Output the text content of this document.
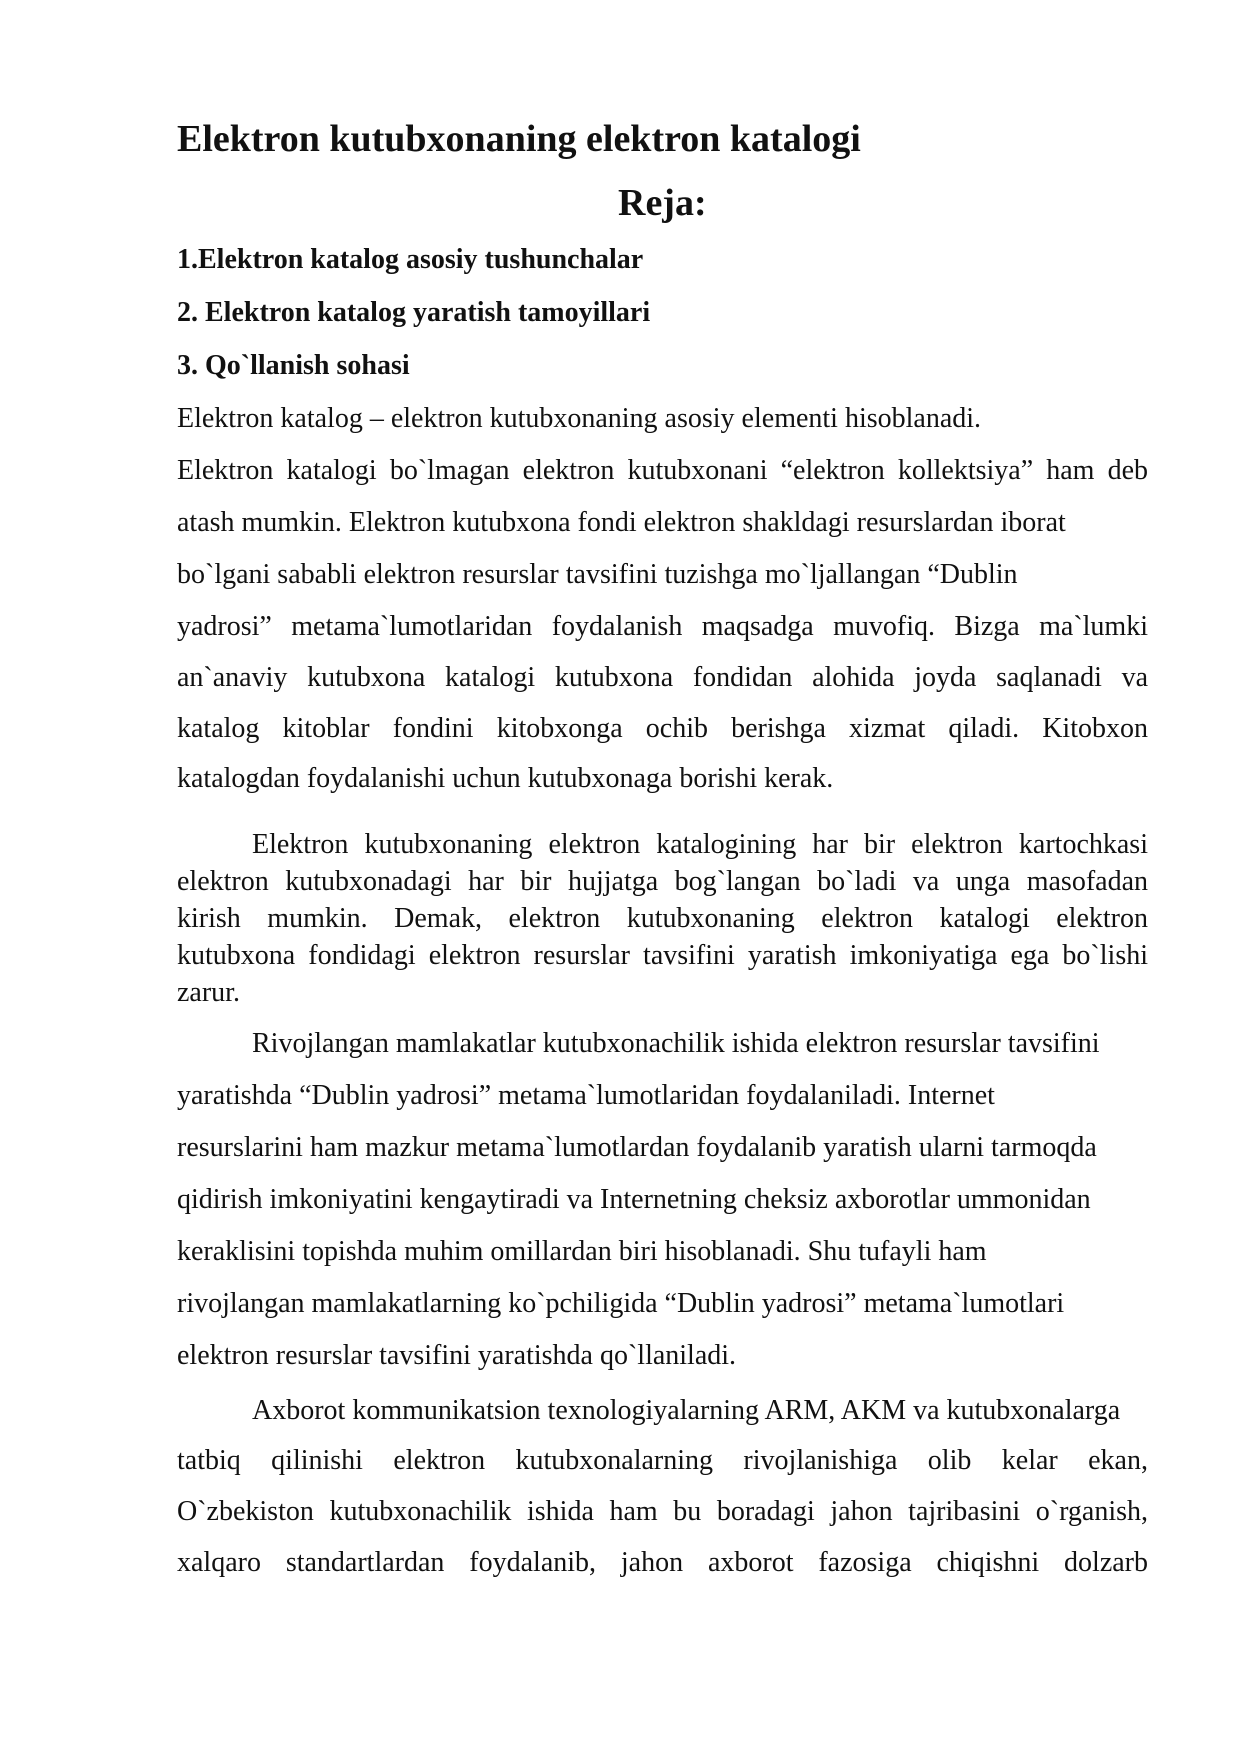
Elektron kutubxonaning elektron katalogi
Reja:

1.Elektron katalog asosiy tushunchalar

2. Elektron katalog yaratish tamoyillari

3. Qo`llanish sohasi

Elektron katalog – elektron kutubxonaning asosiy elementi hisoblanadi.

Elektron katalogi bo`lmagan elektron kutubxonani “elektron kollektsiya” ham deb

atash mumkin. Elektron kutubxona fondi elektron shakldagi resurslardan iborat

bo`lgani sababli elektron resurslar tavsifini tuzishga mo`ljallangan “Dublin

yadrosi” metama`lumotlaridan foydalanish maqsadga muvofiq. Bizga ma`lumki

an`anaviy kutubxona katalogi kutubxona fondidan alohida joyda saqlanadi va

katalog kitoblar fondini kitobxonga ochib berishga xizmat qiladi. Kitobxon

katalogdan foydalanishi uchun kutubxonaga borishi kerak.

Elektron kutubxonaning elektron katalogining har bir elektron kartochkasi

elektron kutubxonadagi har bir hujjatga bog`langan bo`ladi va unga masofadan

kirish mumkin. Demak, elektron kutubxonaning elektron katalogi elektron

kutubxona fondidagi elektron resurslar tavsifini yaratish imkoniyatiga ega bo`lishi

zarur.

Rivojlangan mamlakatlar kutubxonachilik ishida elektron resurslar tavsifini

yaratishda “Dublin yadrosi” metama`lumotlaridan foydalaniladi. Internet

resurslarini ham mazkur metama`lumotlardan foydalanib yaratish ularni tarmoqda

qidirish imkoniyatini kengaytiradi va Internetning cheksiz axborotlar ummonidan

keraklisini topishda muhim omillardan biri hisoblanadi. Shu tufayli ham

rivojlangan mamlakatlarning ko`pchiligida “Dublin yadrosi” metama`lumotlari

elektron resurslar tavsifini yaratishda qo`llaniladi.

Axborot kommunikatsion texnologiyalarning ARM, AKM va kutubxonalarga

tatbiq qilinishi elektron kutubxonalarning rivojlanishiga olib kelar ekan,

O`zbekiston kutubxonachilik ishida ham bu boradagi jahon tajribasini o`rganish,

xalqaro standartlardan foydalanib, jahon axborot fazosiga chiqishni dolzarb
